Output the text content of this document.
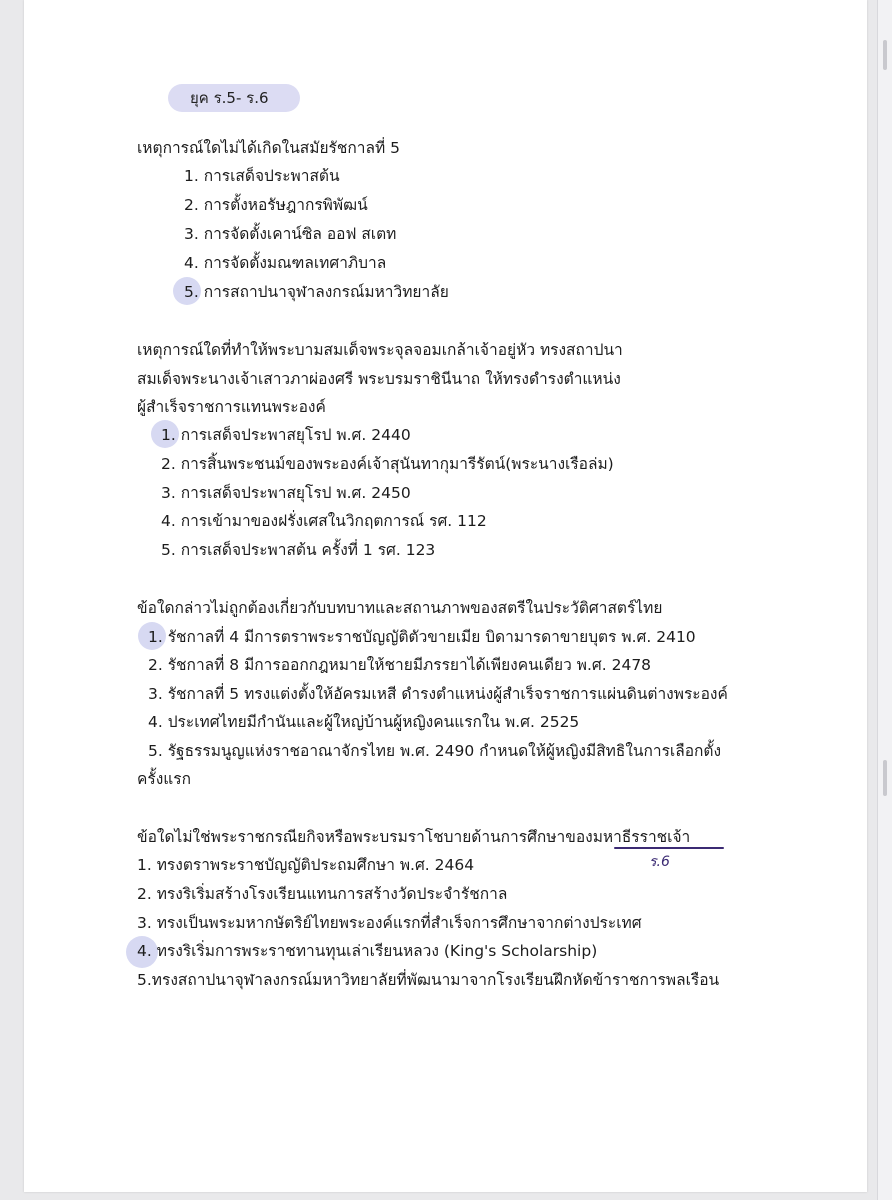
ยุค ร.5- ร.6
เหตุการณ์ใดไม่ได้เกิดในสมัยรัชกาลที่ 5
1. การเสด็จประพาสต้น
2. การตั้งหอรัษฎากรพิพัฒน์
3. การจัดตั้งเคาน์ซิล ออฟ สเตท
4. การจัดตั้งมณฑลเทศาภิบาล
5. การสถาปนาจุฬาลงกรณ์มหาวิทยาลัย
เหตุการณ์ใดที่ทำให้พระบามสมเด็จพระจุลจอมเกล้าเจ้าอยู่หัว ทรงสถาปนา
สมเด็จพระนางเจ้าเสาวภาผ่องศรี พระบรมราชินีนาถ ให้ทรงดำรงตำแหน่ง
ผู้สำเร็จราชการแทนพระองค์
1. การเสด็จประพาสยุโรป พ.ศ. 2440
2. การสิ้นพระชนม์ของพระองค์เจ้าสุนันทากุมารีรัตน์(พระนางเรือล่ม)
3. การเสด็จประพาสยุโรป พ.ศ. 2450
4. การเข้ามาของฝรั่งเศสในวิกฤตการณ์ รศ. 112
5. การเสด็จประพาสต้น ครั้งที่ 1 รศ. 123
ข้อใดกล่าวไม่ถูกต้องเกี่ยวกับบทบาทและสถานภาพของสตรีในประวัติศาสตร์ไทย
1. รัชกาลที่ 4 มีการตราพระราชบัญญัติตัวขายเมีย บิดามารดาขายบุตร พ.ศ. 2410
2. รัชกาลที่ 8 มีการออกกฎหมายให้ชายมีภรรยาได้เพียงคนเดียว พ.ศ. 2478
3. รัชกาลที่ 5 ทรงแต่งตั้งให้อัครมเหสี ดำรงตำแหน่งผู้สำเร็จราชการแผ่นดินต่างพระองค์
4. ประเทศไทยมีกำนันและผู้ใหญ่บ้านผู้หญิงคนแรกใน พ.ศ. 2525
5. รัฐธรรมนูญแห่งราชอาณาจักรไทย พ.ศ. 2490 กำหนดให้ผู้หญิงมีสิทธิในการเลือกตั้ง
ครั้งแรก
ข้อใดไม่ใช่พระราชกรณียกิจหรือพระบรมราโชบายด้านการศึกษาของมหาธีรราชเจ้า
ร.6
1. ทรงตราพระราชบัญญัติประถมศึกษา พ.ศ. 2464
2. ทรงริเริ่มสร้างโรงเรียนแทนการสร้างวัดประจำรัชกาล
3. ทรงเป็นพระมหากษัตริย์ไทยพระองค์แรกที่สำเร็จการศึกษาจากต่างประเทศ
4. ทรงริเริ่มการพระราชทานทุนเล่าเรียนหลวง (King's Scholarship)
5.ทรงสถาปนาจุฬาลงกรณ์มหาวิทยาลัยที่พัฒนามาจากโรงเรียนฝึกหัดข้าราชการพลเรือน
